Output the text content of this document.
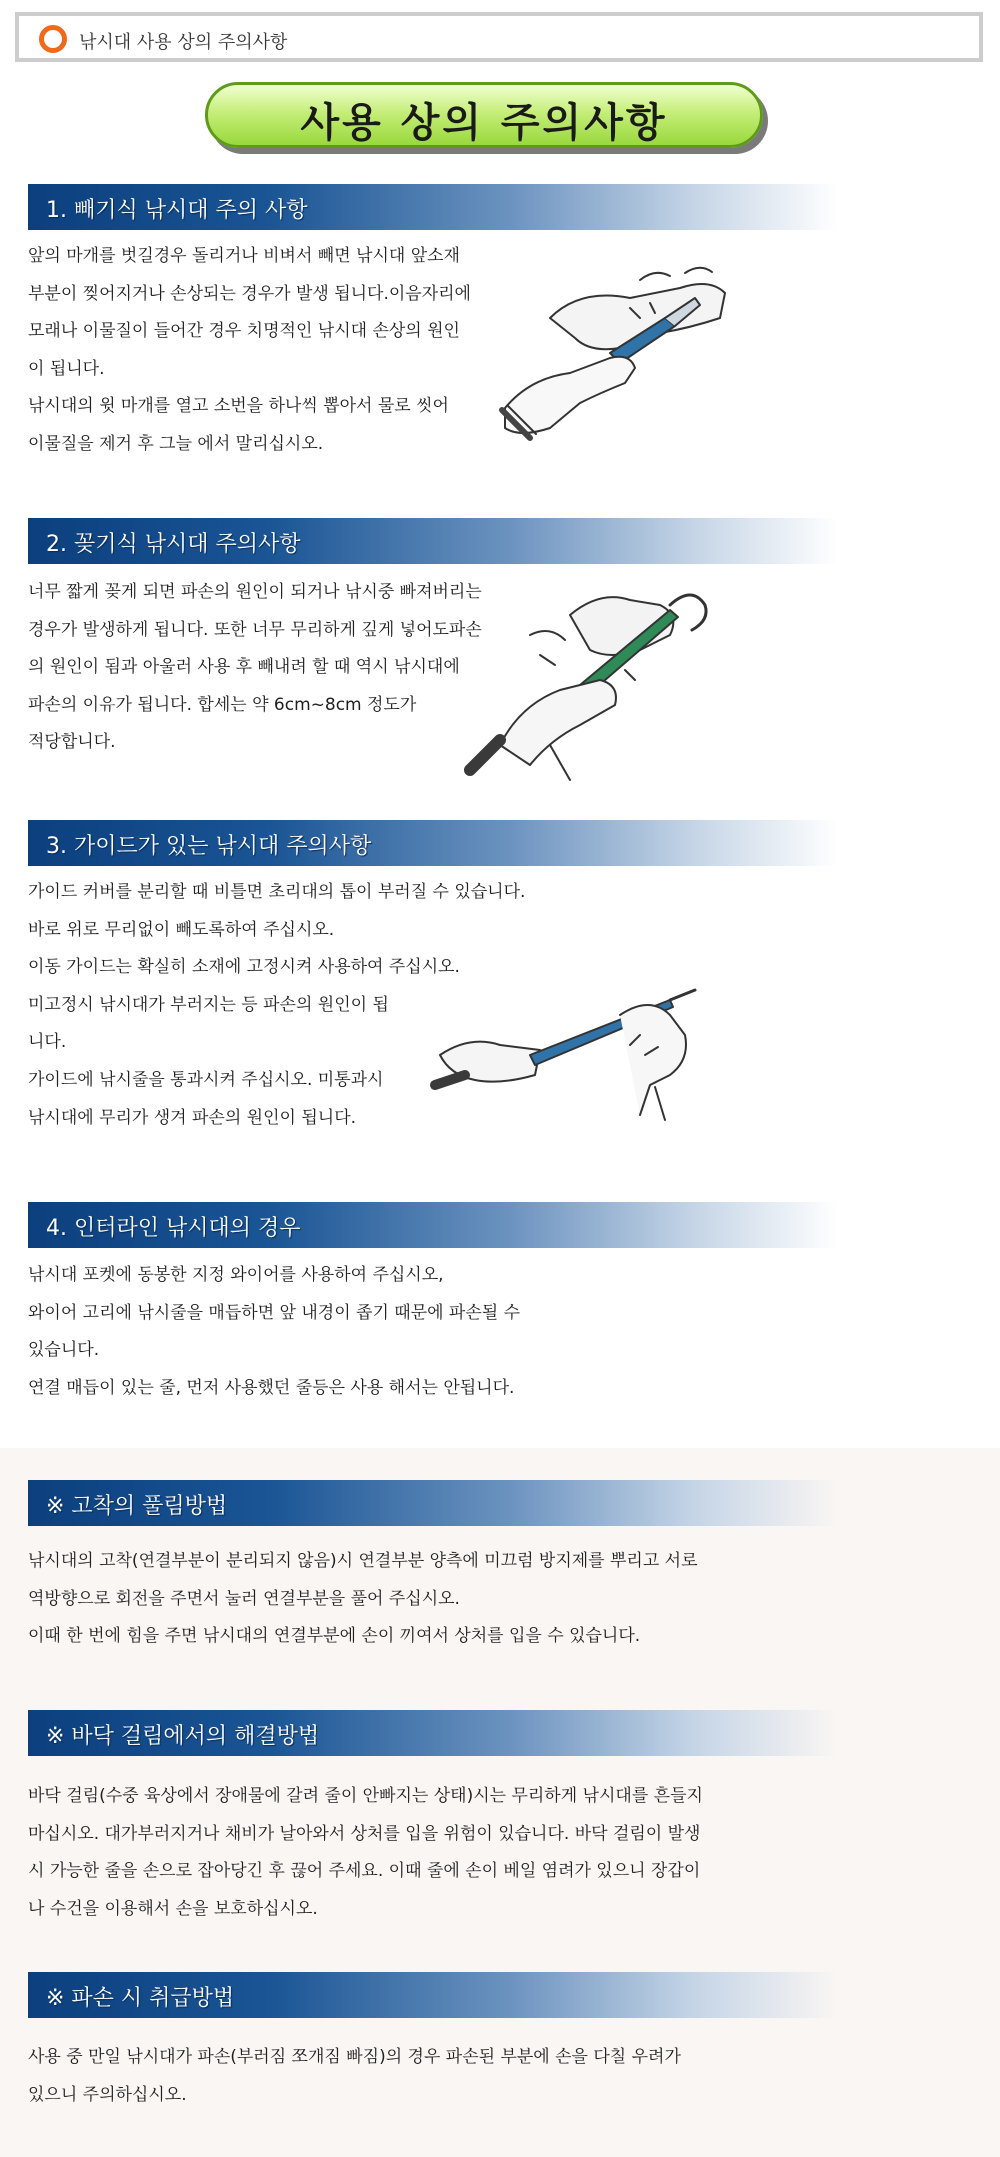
낚시대 사용 상의 주의사항
사용 상의 주의사항
1. 빼기식 낚시대 주의 사항
앞의 마개를 벗길경우 돌리거나 비벼서 빼면 낚시대 앞소재
부분이 찢어지거나 손상되는 경우가 발생 됩니다.이음자리에
모래나 이물질이 들어간 경우 치명적인 낚시대 손상의 원인
이 됩니다.
낚시대의 윗 마개를 열고 소번을 하나씩 뽑아서 물로 씻어
이물질을 제거 후 그늘 에서 말리십시오.
2. 꽂기식 낚시대 주의사항
너무 짧게 꽂게 되면 파손의 원인이 되거나 낚시중 빠져버리는
경우가 발생하게 됩니다. 또한 너무 무리하게 깊게 넣어도파손
의 원인이 됨과 아울러 사용 후 빼내려 할 때 역시 낚시대에
파손의 이유가 됩니다. 합세는 약 6cm~8cm 정도가
적당합니다.
3. 가이드가 있는 낚시대 주의사항
가이드 커버를 분리할 때 비틀면 초리대의 톱이 부러질 수 있습니다.
바로 위로 무리없이 빼도록하여 주십시오.
이동 가이드는 확실히 소재에 고정시켜 사용하여 주십시오.
미고정시 낚시대가 부러지는 등 파손의 원인이 됩
니다.
가이드에 낚시줄을 통과시켜 주십시오. 미통과시
낚시대에 무리가 생겨 파손의 원인이 됩니다.
4. 인터라인 낚시대의 경우
낚시대 포켓에 동봉한 지정 와이어를 사용하여 주십시오,
와이어 고리에 낚시줄을 매듭하면 앞 내경이 좁기 때문에 파손될 수
있습니다.
연결 매듭이 있는 줄, 먼저 사용했던 줄등은 사용 해서는 안됩니다.
※ 고착의 풀림방법
낚시대의 고착(연결부분이 분리되지 않음)시 연결부분 양측에 미끄럼 방지제를 뿌리고 서로
역방향으로 회전을 주면서 눌러 연결부분을 풀어 주십시오.
이때 한 번에 힘을 주면 낚시대의 연결부분에 손이 끼여서 상처를 입을 수 있습니다.
※ 바닥 걸림에서의 해결방법
바닥 걸림(수중 육상에서 장애물에 갈려 줄이 안빠지는 상태)시는 무리하게 낚시대를 흔들지
마십시오. 대가부러지거나 채비가 날아와서 상처를 입을 위험이 있습니다. 바닥 걸림이 발생
시 가능한 줄을 손으로 잡아당긴 후 끊어 주세요. 이때 줄에 손이 베일 염려가 있으니 장갑이
나 수건을 이용해서 손을 보호하십시오.
※ 파손 시 취급방법
사용 중 만일 낚시대가 파손(부러짐 쪼개짐 빠짐)의 경우 파손된 부분에 손을 다칠 우려가
있으니 주의하십시오.
